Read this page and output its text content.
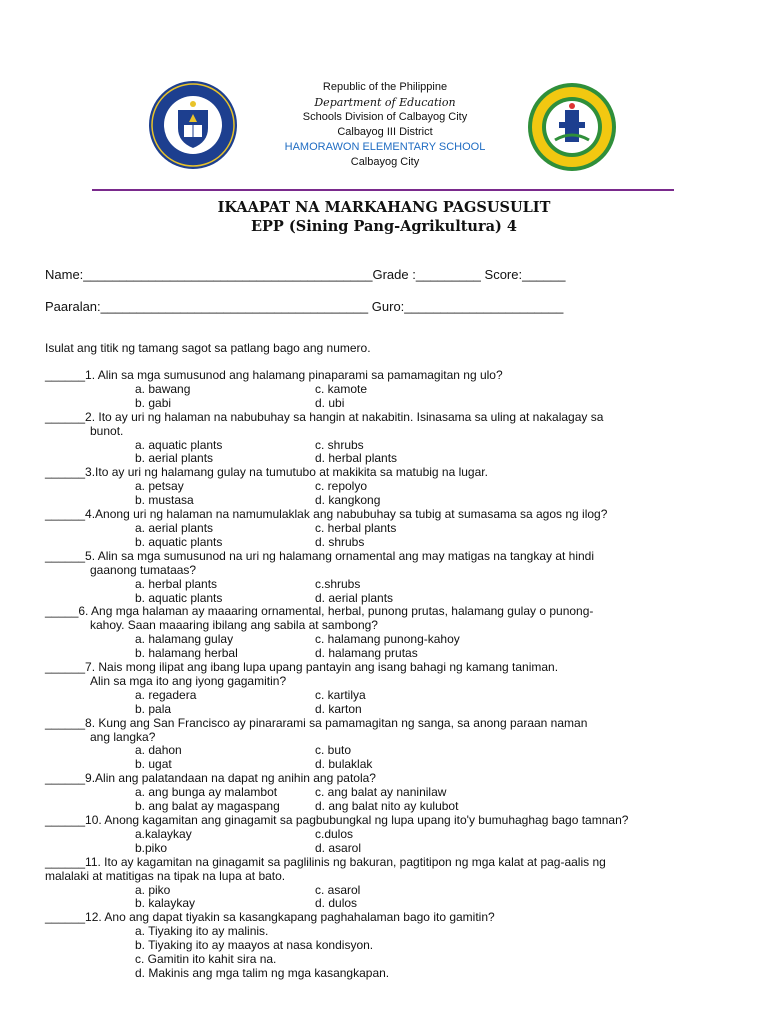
Republic of the Philippine
Department of Education
Schools Division of Calbayog City
Calbayog III District
HAMORAWON ELEMENTARY SCHOOL
Calbayog City
IKAAPAT NA MARKAHANG PAGSUSULIT
EPP (Sining Pang-Agrikultura) 4
Name:________________________________________Grade :_________ Score:______
Paaralan:_____________________________________ Guro:______________________
Isulat ang titik ng tamang sagot sa patlang bago ang numero.
______1. Alin sa mga sumusunod ang halamang pinaparami sa pamamagitan ng ulo?
a. bawang	c. kamote
b. gabi	d. ubi
______2. Ito ay uri ng halaman na nabubuhay sa hangin at nakabitin. Isinasama sa uling at nakalagay sa
bunot.
a. aquatic plants	c. shrubs
b. aerial plants	d. herbal plants
______3.Ito ay uri ng halamang gulay na tumutubo at makikita sa matubig na lugar.
a. petsay	c. repolyo
b. mustasa	d. kangkong
______4.Anong uri ng halaman na namumulaklak ang nabubuhay sa tubig at sumasama sa agos ng ilog?
a. aerial plants	c. herbal plants
b. aquatic plants	d. shrubs
______5. Alin sa mga sumusunod na uri ng halamang ornamental ang may matigas na tangkay at hindi
gaanong tumataas?
a. herbal plants	c.shrubs
b. aquatic plants	d. aerial plants
_____6. Ang mga halaman ay maaaring ornamental, herbal, punong prutas, halamang gulay o punong-
kahoy. Saan maaaring ibilang ang sabila at sambong?
a. halamang gulay	c. halamang punong-kahoy
b. halamang herbal	d. halamang prutas
______7. Nais mong ilipat ang ibang lupa upang pantayin ang isang bahagi ng kamang taniman.
Alin sa mga ito ang iyong gagamitin?
a. regadera	c. kartilya
b. pala	d. karton
______8. Kung ang San Francisco ay pinararami sa pamamagitan ng sanga, sa anong paraan naman
ang langka?
a. dahon	c. buto
b. ugat	d. bulaklak
______9.Alin ang palatandaan na dapat ng anihin ang patola?
a. ang bunga ay malambot	c. ang balat ay naninilaw
b. ang balat ay magaspang	d. ang balat nito ay kulubot
______10. Anong kagamitan ang ginagamit sa pagbubungkal ng lupa upang ito'y bumuhaghag bago tamnan?
a.kalaykay	c.dulos
b.piko	d. asarol
______11. Ito ay kagamitan na ginagamit sa paglilinis ng bakuran, pagtitipon ng mga kalat at pag-aalis ng
malalaki at matitigas na tipak na lupa at bato.
a. piko	c. asarol
b. kalaykay	d. dulos
______12. Ano ang dapat tiyakin sa kasangkapang paghahalaman bago ito gamitin?
a. Tiyaking ito ay malinis.
b. Tiyaking ito ay maayos at nasa kondisyon.
c. Gamitin ito kahit sira na.
d. Makinis ang mga talim ng mga kasangkapan.
